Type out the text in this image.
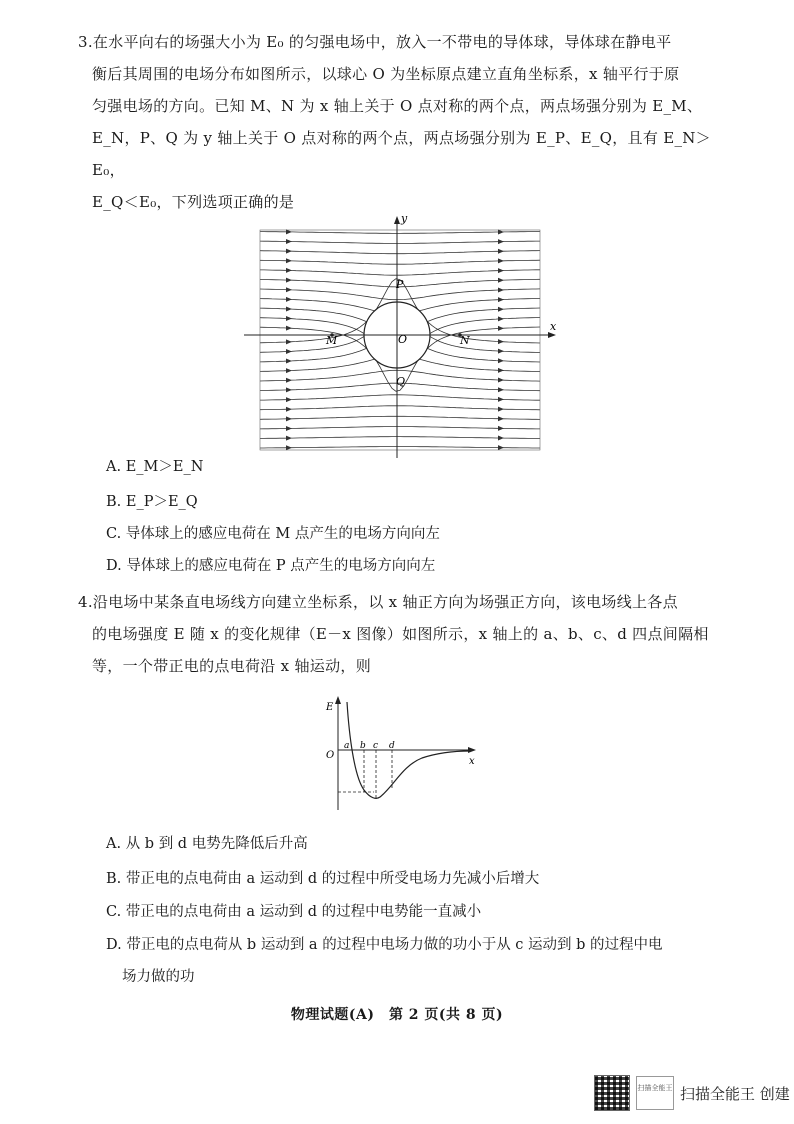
3.在水平向右的场强大小为 E₀ 的匀强电场中，放入一不带电的导体球，导体球在静电平
衡后其周围的电场分布如图所示，以球心 O 为坐标原点建立直角坐标系，x 轴平行于原
匀强电场的方向。已知 M、N 为 x 轴上关于 O 点对称的两个点，两点场强分别为 E_M、
E_N，P、Q 为 y 轴上关于 O 点对称的两个点，两点场强分别为 E_P、E_Q，且有 E_N＞E₀，
E_Q＜E₀，下列选项正确的是
x
y
O
M	N
P
Q
A. E_M＞E_N
B. E_P＞E_Q
C. 导体球上的感应电荷在 M 点产生的电场方向向左
D. 导体球上的感应电荷在 P 点产生的电场方向向左
4.沿电场中某条直电场线方向建立坐标系，以 x 轴正方向为场强正方向，该电场线上各点
的电场强度 E 随 x 的变化规律（E－x 图像）如图所示，x 轴上的 a、b、c、d 四点间隔相
等，一个带正电的点电荷沿 x 轴运动，则
E
O
x
a b c d
A. 从 b 到 d 电势先降低后升高
B. 带正电的点电荷由 a 运动到 d 的过程中所受电场力先减小后增大
C. 带正电的点电荷由 a 运动到 d 的过程中电势能一直减小
D. 带正电的点电荷从 b 运动到 a 的过程中电场力做的功小于从 c 运动到 b 的过程中电
场力做的功
物理试题(A)　第 2 页(共 8 页)
扫描全能王 扫描全能王 创建
